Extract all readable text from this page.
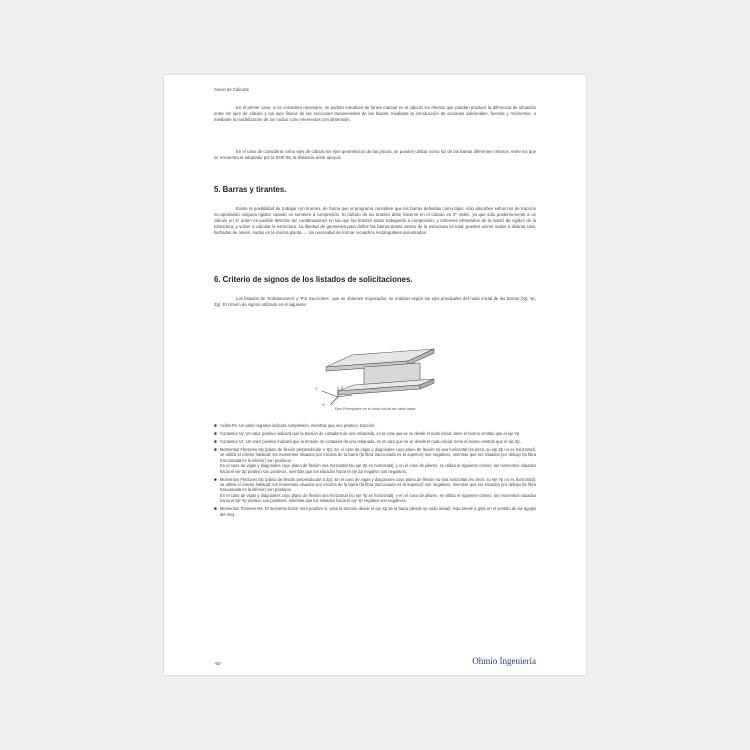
Anexo de Cálculos

En el primer caso, si se considera necesario, se podrán introducir de forma manual en el cálculo los efectos que puedan producir la diferencia de situación entre los ejes de cálculo y los ejes físicos de las secciones transversales de las barras, mediante la introducción de acciones adicionales, fuerzas y momentos, o mediante la modelización de los nudos como elementos con dimensión.

En el caso de considerar como ejes de cálculo los ejes geométricos de las piezas, se pueden utilizar como luz de las barras diferentes criterios, entre los que se encuentra el adoptado por la EHE-08, la distancia entre apoyos.

5. Barras y tirantes.

Existe la posibilidad de trabajar con tirantes, de forma que el programa considere que las barras definidas como tales, sólo absorben esfuerzos de tracción no aportando ninguna rigidez cuando se someten a compresión. El cálculo de los tirantes debe hacerse en el cálculo en 2º orden, ya que sólo posteriormente a un cálculo en 1º orden es posible detectar las combinaciones en las que los tirantes están trabajando a compresión, y entonces eliminarlos de la matriz de rigidez de la estructura, y volver a calcular la estructura. La libertad de geometría para definir las barras-tirante dentro de la estructura es total: pueden unirse nudos a distinta cota, fachadas de naves, nudos en la misma planta, ... sin necesidad de formar recuadros rectangulares arriostrados.

6. Criterio de signos de los listados de solicitaciones.

Los listados de 'Solicitaciones' y 'Por Secciones', que se obtienen mayorados, se realizan según los ejes principales del nudo inicial de las barras (Xp, Yp, Zp). El criterio de signos utilizado es el siguiente:

Y
X
Z
Ejes Principales en el nudo inicial de cada barra
■ Axiles Px. Un valor negativo indicará compresión, mientras que uno positivo, tracción.
■ Cortantes Vy. Un valor positivo indicará que la tensión de cortadura de una rebanada, en la cara que se ve desde el nudo inicial, tiene el mismo sentido que el eje Yp.
■ Cortantes Vz. Un valor positivo indicará que la tensión de cortadura de una rebanada, en la cara que se ve desde el nudo inicial, tiene el mismo sentido que el eje Zp.
■ Momentos Flectores My (plano de flexión perpendicular a Yp). En el caso de vigas y diagonales cuyo plano de flexión no sea horizontal (es decir, su eje Zp no es horizontal), se utiliza el criterio habitual: los momentos situados por encima de la barra (la fibra traccionada es la superior) son negativos, mientras que los situados por debajo (la fibra traccionada es la inferior) son positivos.
En el caso de vigas y diagonales cuyo plano de flexión sea horizontal (su eje Zp es horizontal), y en el caso de pilares, se utiliza el siguiente criterio: los momentos situados hacia el eje Zp positivo son positivos, mientras que los situados hacia el eje Zp negativo son negativos.
■ Momentos Flectores Mz (plano de flexión perpendicular a Zp). En el caso de vigas y diagonales cuyo plano de flexión no sea horizontal (es decir, su eje Yp no es horizontal), se utiliza el criterio habitual: los momentos situados por encima de la barra (la fibra traccionada es la superior) son negativos, mientras que los situados por debajo (la fibra traccionada es la inferior) son positivos.
En el caso de vigas y diagonales cuyo plano de flexión sea horizontal (su eje Yp es horizontal), y en el caso de pilares, se utiliza el siguiente criterio: los momentos situados hacia el eje Yp positivo son positivos, mientras que los situados hacia el eje Yp negativo son negativos.
■ Momentos Torsores Mx. El momento torsor será positivo si, vista la sección desde el eje Xp de la barra (desde su nudo inicial), ésta tiende a girar en el sentido de las agujas del reloj.
-92-	Ohmio Ingeniería
